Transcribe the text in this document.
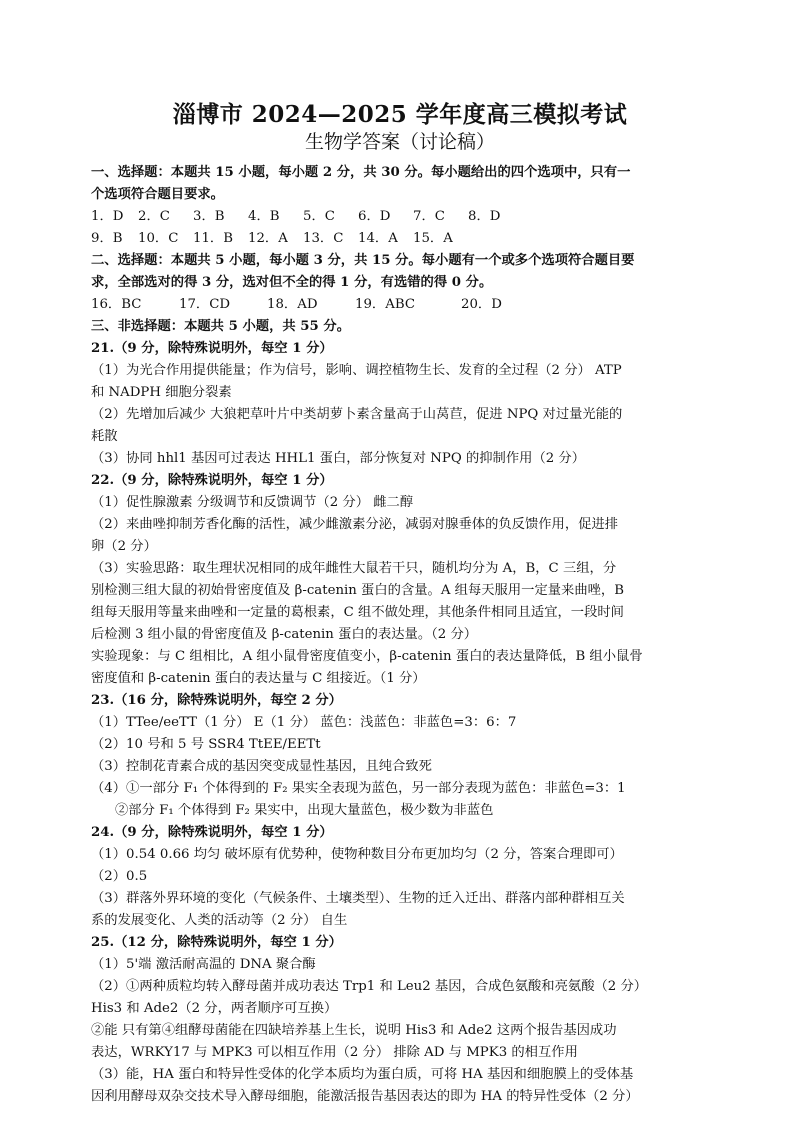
淄博市 2024—2025 学年度高三模拟考试
生物学答案（讨论稿）
一、选择题：本题共 15 小题，每小题 2 分，共 30 分。每小题给出的四个选项中，只有一
个选项符合题目要求。
1．D	2．C	3．B	4．B	5．C	6．D	7．C	8．D
9．B	10．C	11．B	12．A	13．C	14．A	15．A
二、选择题：本题共 5 小题，每小题 3 分，共 15 分。每小题有一个或多个选项符合题目要
求，全部选对的得 3 分，选对但不全的得 1 分，有选错的得 0 分。
16．BC	17．CD	18．AD	19．ABC	20．D
三、非选择题：本题共 5 小题，共 55 分。
21.（9 分，除特殊说明外，每空 1 分）
（1）为光合作用提供能量；作为信号，影响、调控植物生长、发育的全过程（2 分） ATP
和 NADPH 细胞分裂素
（2）先增加后减少 大狼耙草叶片中类胡萝卜素含量高于山莴苣，促进 NPQ 对过量光能的
耗散
（3）协同 hhl1 基因可过表达 HHL1 蛋白，部分恢复对 NPQ 的抑制作用（2 分）
22.（9 分，除特殊说明外，每空 1 分）
（1）促性腺激素 分级调节和反馈调节（2 分） 雌二醇
（2）来曲唑抑制芳香化酶的活性，减少雌激素分泌，减弱对腺垂体的负反馈作用，促进排
卵（2 分）
（3）实验思路：取生理状况相同的成年雌性大鼠若干只，随机均分为 A，B，C 三组，分
别检测三组大鼠的初始骨密度值及 β-catenin 蛋白的含量。A 组每天服用一定量来曲唑，B
组每天服用等量来曲唑和一定量的葛根素，C 组不做处理，其他条件相同且适宜，一段时间
后检测 3 组小鼠的骨密度值及 β-catenin 蛋白的表达量。（2 分）
实验现象：与 C 组相比，A 组小鼠骨密度值变小，β-catenin 蛋白的表达量降低，B 组小鼠骨
密度值和 β-catenin 蛋白的表达量与 C 组接近。（1 分）
23.（16 分，除特殊说明外，每空 2 分）
（1）TTee/eeTT（1 分） E（1 分） 蓝色：浅蓝色：非蓝色=3：6：7
（2）10 号和 5 号 SSR4 TtEE/EETt
（3）控制花青素合成的基因突变成显性基因，且纯合致死
（4）①一部分 F₁ 个体得到的 F₂ 果实全表现为蓝色，另一部分表现为蓝色：非蓝色=3：1
②部分 F₁ 个体得到 F₂ 果实中，出现大量蓝色，极少数为非蓝色
24.（9 分，除特殊说明外，每空 1 分）
（1）0.54 0.66 均匀 破坏原有优势种，使物种数目分布更加均匀（2 分，答案合理即可）
（2）0.5
（3）群落外界环境的变化（气候条件、土壤类型）、生物的迁入迁出、群落内部种群相互关
系的发展变化、人类的活动等（2 分） 自生
25.（12 分，除特殊说明外，每空 1 分）
（1）5'端 激活耐高温的 DNA 聚合酶
（2）①两种质粒均转入酵母菌并成功表达 Trp1 和 Leu2 基因，合成色氨酸和亮氨酸（2 分）
His3 和 Ade2（2 分，两者顺序可互换）
②能 只有第④组酵母菌能在四缺培养基上生长，说明 His3 和 Ade2 这两个报告基因成功
表达，WRKY17 与 MPK3 可以相互作用（2 分） 排除 AD 与 MPK3 的相互作用
（3）能，HA 蛋白和特异性受体的化学本质均为蛋白质，可将 HA 基因和细胞膜上的受体基
因利用酵母双杂交技术导入酵母细胞，能激活报告基因表达的即为 HA 的特异性受体（2 分）
